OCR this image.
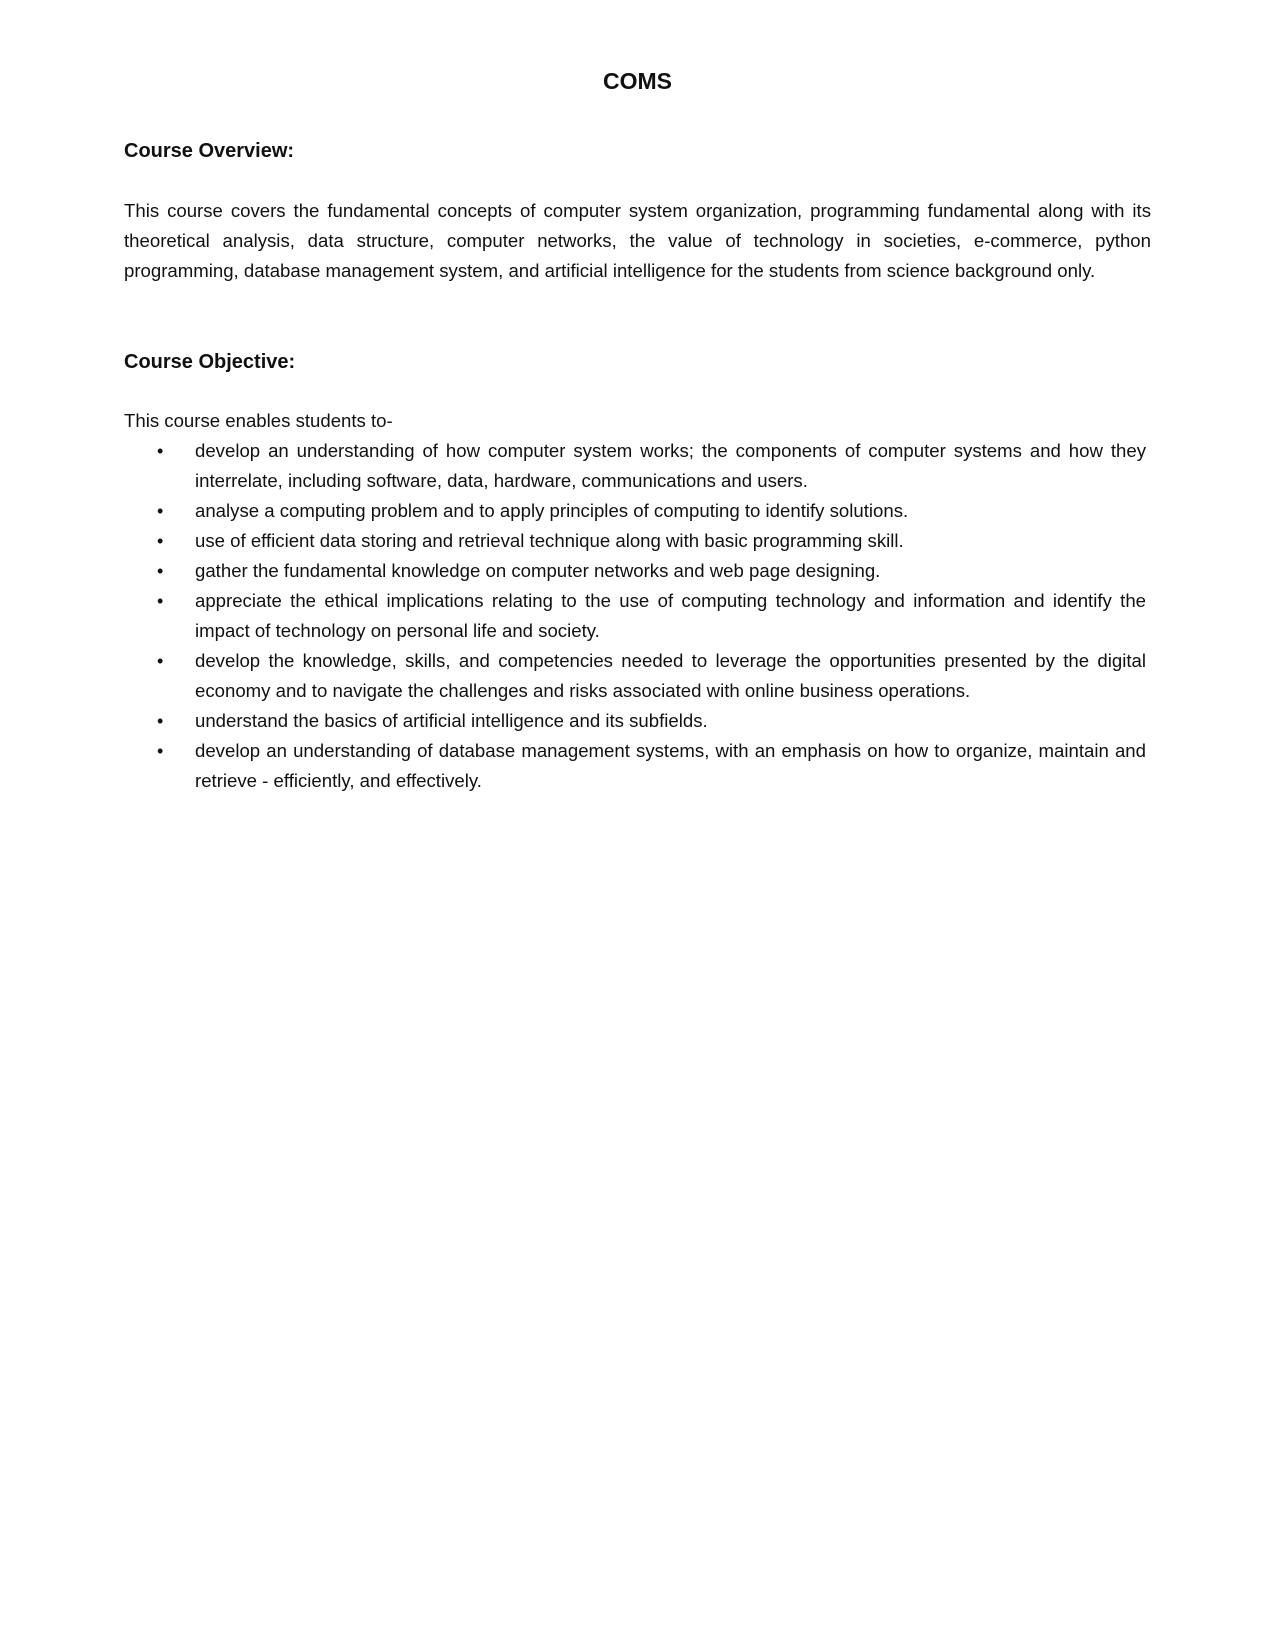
COMS
Course Overview:

This course covers the fundamental concepts of computer system organization, programming fundamental along with its theoretical analysis, data structure, computer networks, the value of technology in societies, e-commerce, python programming, database management system, and artificial intelligence for the students from science background only.

Course Objective:

This course enables students to-

• develop an understanding of how computer system works; the components of computer systems and how they interrelate, including software, data, hardware, communications and users.
• analyse a computing problem and to apply principles of computing to identify solutions.
• use of efficient data storing and retrieval technique along with basic programming skill.
• gather the fundamental knowledge on computer networks and web page designing.
• appreciate the ethical implications relating to the use of computing technology and information and identify the impact of technology on personal life and society.
• develop the knowledge, skills, and competencies needed to leverage the opportunities presented by the digital economy and to navigate the challenges and risks associated with online business operations.
• understand the basics of artificial intelligence and its subfields.
• develop an understanding of database management systems, with an emphasis on how to organize, maintain and retrieve - efficiently, and effectively.
